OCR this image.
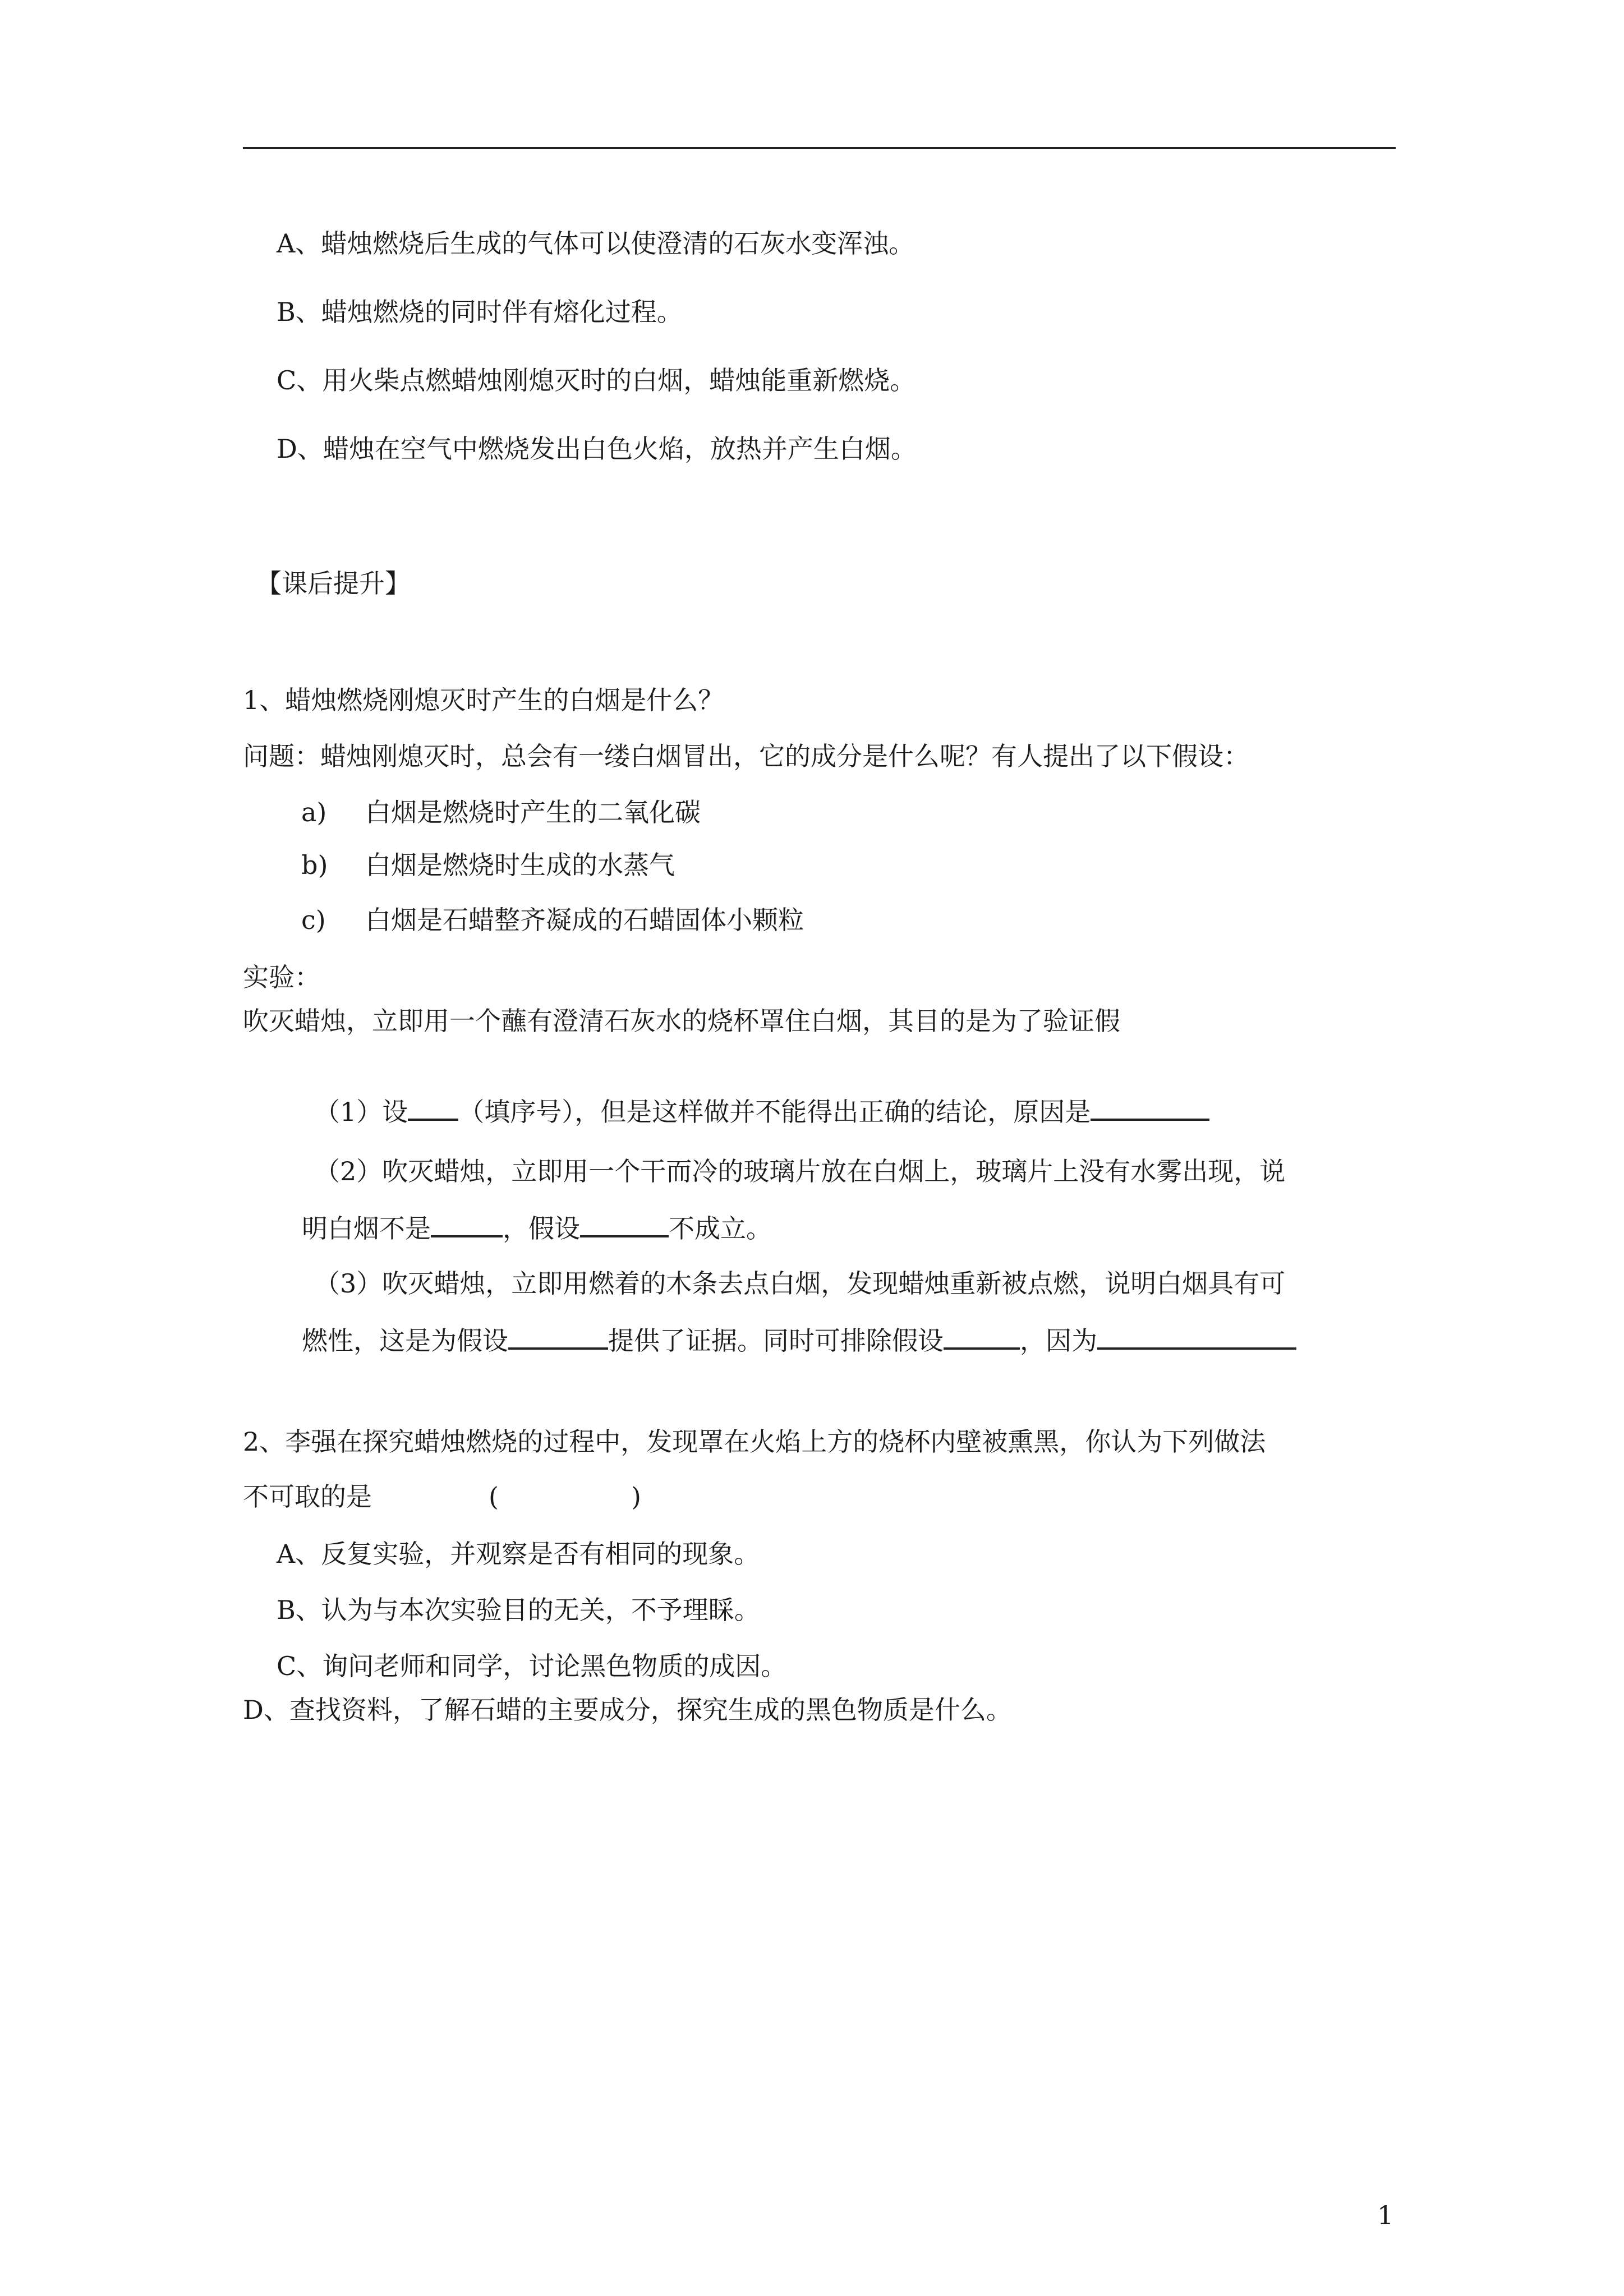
A、蜡烛燃烧后生成的气体可以使澄清的石灰水变浑浊。
B、蜡烛燃烧的同时伴有熔化过程。
C、用火柴点燃蜡烛刚熄灭时的白烟，蜡烛能重新燃烧。
D、蜡烛在空气中燃烧发出白色火焰，放热并产生白烟。
【课后提升】
1、蜡烛燃烧刚熄灭时产生的白烟是什么？
问题：蜡烛刚熄灭时，总会有一缕白烟冒出，它的成分是什么呢？有人提出了以下假设：
a) 白烟是燃烧时产生的二氧化碳
b) 白烟是燃烧时生成的水蒸气
c) 白烟是石蜡整齐凝成的石蜡固体小颗粒
实验：
吹灭蜡烛，立即用一个蘸有澄清石灰水的烧杯罩住白烟，其目的是为了验证假
（1）设 （填序号），但是这样做并不能得出正确的结论，原因是
（2）吹灭蜡烛，立即用一个干而冷的玻璃片放在白烟上，玻璃片上没有水雾出现，说
明白烟不是	，假设	不成立。
（3）吹灭蜡烛，立即用燃着的木条去点白烟，发现蜡烛重新被点燃，说明白烟具有可
燃性，这是为假设	提供了证据。同时可排除假设	，因为
2、李强在探究蜡烛燃烧的过程中，发现罩在火焰上方的烧杯内壁被熏黑，你认为下列做法
不可取的是	(	)
A、反复实验，并观察是否有相同的现象。
B、认为与本次实验目的无关，不予理睬。
C、询问老师和同学，讨论黑色物质的成因。
D、查找资料，了解石蜡的主要成分，探究生成的黑色物质是什么。
1
